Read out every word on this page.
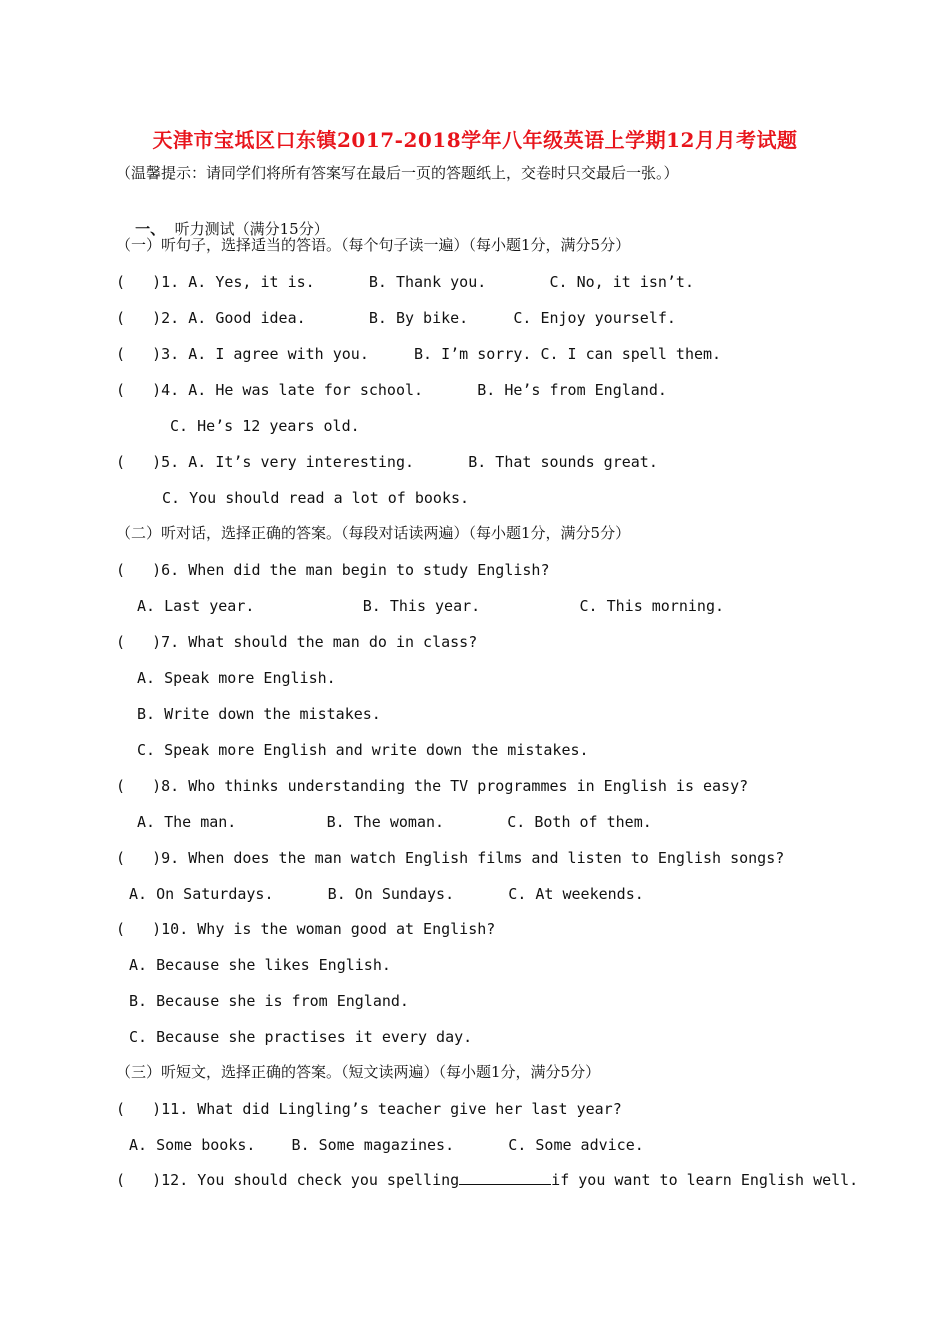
天津市宝坻区口东镇2017-2018学年八年级英语上学期12月月考试题
（温馨提示：请同学们将所有答案写在最后一页的答题纸上，交卷时只交最后一张。）

一、  听力测试（满分15分）

（一）听句子，选择适当的答语。（每个句子读一遍）（每小题1分，满分5分）
(   )1. A. Yes, it is.      B. Thank you.       C. No, it isn’t.
(   )2. A. Good idea.       B. By bike.     C. Enjoy yourself.
(   )3. A. I agree with you.     B. I’m sorry. C. I can spell them.
(   )4. A. He was late for school.      B. He’s from England.
C. He’s 12 years old.
(   )5. A. It’s very interesting.      B. That sounds great.
C. You should read a lot of books.
（二）听对话，选择正确的答案。（每段对话读两遍）（每小题1分，满分5分）
(   )6. When did the man begin to study English?
A. Last year.            B. This year.           C. This morning.
(   )7. What should the man do in class?
A. Speak more English.
B. Write down the mistakes.
C. Speak more English and write down the mistakes.
(   )8. Who thinks understanding the TV programmes in English is easy?
A. The man.          B. The woman.       C. Both of them.
(   )9. When does the man watch English films and listen to English songs?
A. On Saturdays.      B. On Sundays.      C. At weekends.
(   )10. Why is the woman good at English?
A. Because she likes English.
B. Because she is from England.
C. Because she practises it every day.
（三）听短文，选择正确的答案。（短文读两遍）（每小题1分，满分5分）
(   )11. What did Lingling’s teacher give her last year?
A. Some books.    B. Some magazines.      C. Some advice.
(   )12. You should check you spelling	if you want to learn English well.
